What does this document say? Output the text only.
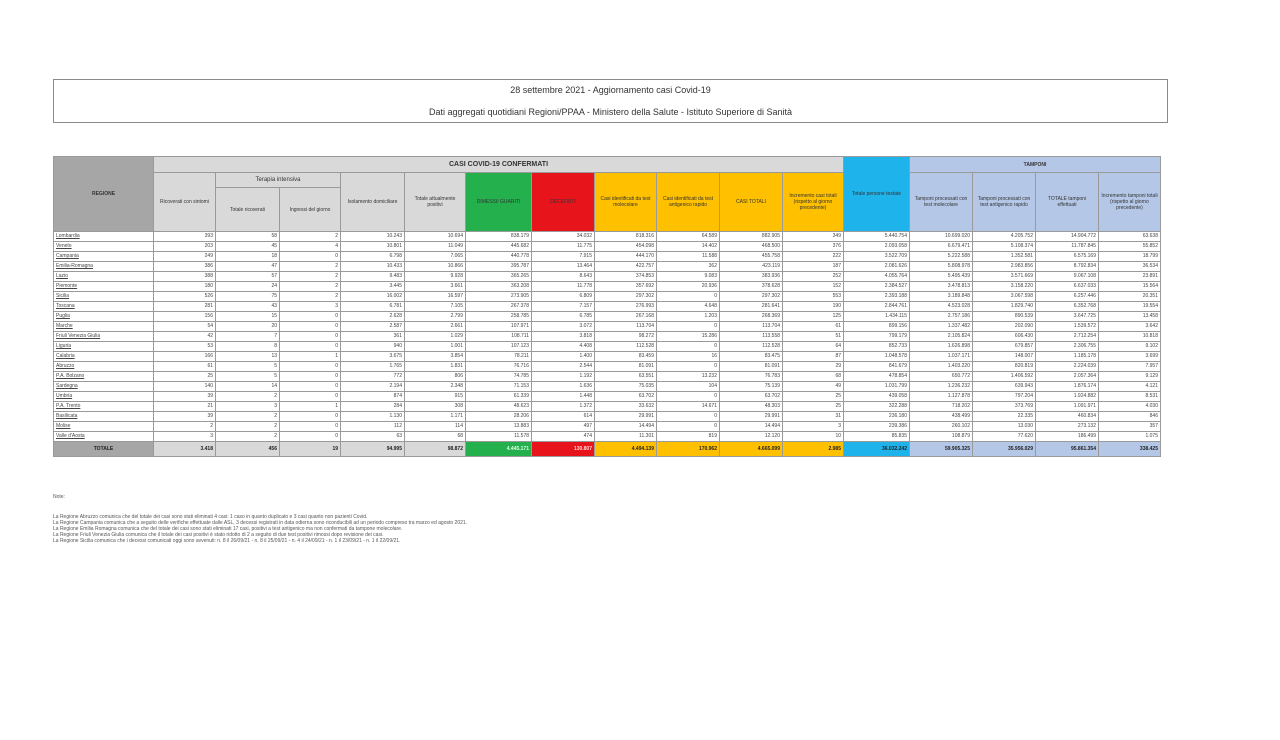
28 settembre 2021 - Aggiornamento casi Covid-19
Dati aggregati quotidiani Regioni/PPAA - Ministero della Salute - Istituto Superiore di Sanità
REGIONE	CASI COVID-19 CONFERMATI											Totale persone testate	TAMPONI			
	Ricoverati con sintomi	Terapia intensiva		Isolamento domiciliare	Totale attualmente positivi	DIMESSI/ GUARITI	DECEDUTI	Casi identificati da test molecolare	Casi identificati da test antigenico rapido	CASI TOTALI	Incremento casi totali (rispetto al giorno precedente)		Tamponi processati con test molecolare	Tamponi processati con test antigenico rapido	TOTALE tamponi effettuati	Incremento tamponi totali (rispetto al giorno precedente)
		Totale ricoverati	Ingressi del giorno													
Lombardia	393	58	2	10.243	10.694	838.179	34.032	818.316	64.589	882.905	349	5.440.754	10.699.020	4.205.752	14.904.772	63.638
Veneto	203	45	4	10.801	11.049	445.682	11.775	454.098	14.402	468.500	376	2.093.058	6.679.471	5.108.374	11.787.845	55.852
Campania	249	18	0	6.798	7.065	440.778	7.915	444.170	11.588	455.758	222	3.522.709	5.222.588	1.352.581	6.575.169	18.799
Emilia-Romagna	386	47	2	10.433	10.866	395.787	13.464	422.757	362	423.119	187	2.081.626	5.808.978	2.983.856	8.792.834	36.534
Lazio	388	57	2	9.483	9.928	365.265	8.643	374.853	9.083	383.936	252	4.055.764	5.495.439	3.571.669	9.067.108	23.891
Piemonte	180	24	2	3.445	3.661	363.208	11.778	357.692	20.936	378.628	152	2.384.527	3.478.813	3.158.220	6.637.033	15.564
Sicilia	526	75	2	16.002	16.597	273.905	6.809	297.302	0	297.302	553	2.393.188	3.189.848	3.067.598	6.257.446	20.351
Toscana	281	43	3	6.781	7.105	267.378	7.157	276.993	4.648	281.641	190	2.844.761	4.523.028	1.829.740	6.352.768	19.554
Puglia	156	15	0	2.628	2.799	258.785	6.785	267.168	1.203	268.369	125	1.434.115	2.757.186	890.539	3.647.725	13.458
Marche	54	20	0	2.587	2.661	107.971	3.072	113.704	0	113.704	61	899.156	1.337.482	202.090	1.539.572	3.642
Friuli Venezia Giulia	42	7	0	361	1.029	108.711	3.818	98.272	15.286	113.558	51	799.179	2.105.824	606.430	2.712.254	10.818
Liguria	53	8	0	940	1.001	107.123	4.408	112.528	0	112.528	64	852.733	1.626.898	679.857	2.306.755	9.102
Calabria	166	13	1	3.675	3.854	78.211	1.400	83.459	16	83.475	87	1.048.578	1.037.171	148.007	1.185.178	3.699
Abruzzo	61	5	0	1.765	1.831	76.716	2.544	81.091	0	81.091	29	841.679	1.403.220	820.819	2.224.039	7.957
P.A. Bolzano	25	5	0	772	806	74.785	1.192	63.551	13.232	76.783	68	478.854	650.772	1.406.592	2.057.364	9.129
Sardegna	140	14	0	2.194	2.348	71.153	1.636	75.035	104	75.139	49	1.031.799	1.236.232	639.943	1.876.174	4.121
Umbria	39	2	0	874	915	61.339	1.448	63.702	0	63.702	25	439.058	1.127.878	797.204	1.924.882	8.531
P.A. Trento	21	3	1	284	308	48.623	1.372	33.632	14.671	48.303	25	322.288	718.202	373.769	1.091.971	4.030
Basilicata	39	2	0	1.130	1.171	28.206	614	29.991	0	29.991	31	236.180	438.499	22.335	460.834	846
Molise	2	2	0	112	114	13.883	497	14.494	0	14.494	3	239.386	260.102	13.030	273.132	357
Valle d'Aosta	3	2	0	63	68	11.578	474	11.301	819	12.120	10	85.835	108.879	77.620	186.499	1.075
TOTALE	3.418	456	19	94.995	98.872	4.445.171	130.807	4.494.139	170.962	4.665.099	2.985	36.032.242	59.905.325	35.956.029	95.861.354	338.425
Note:
La Regione Abruzzo comunica che del totale dei casi sono stati eliminati 4 casi: 1 caso in quanto duplicato e 3 casi quanto non pazienti Covid.
La Regione Campania comunica che a seguito delle verifiche effettuate dalle ASL, 3 decessi registrati in data odierna sono riconducibili ad un periodo compreso tra marzo ed agosto 2021.
La Regione Emilia Romagna comunica che del totale dei casi sono stati eliminati 17 casi, positivi a test antigenico ma non confermati da tampone molecolare.
La Regione Friuli Venezia Giulia comunica che il totale dei casi positivi è stato ridotto di 2 a seguito di due test positivi rimossi dopo revisione dei casi.
La Regione Sicilia comunica che i decessi comunicati oggi sono avvenuti: n. 8 il 26/09/21 - n. 8 il 25/09/21 - n. 4 il 24/09/21 - n. 1 il 23/09/21 - n. 1 il 22/09/21.
